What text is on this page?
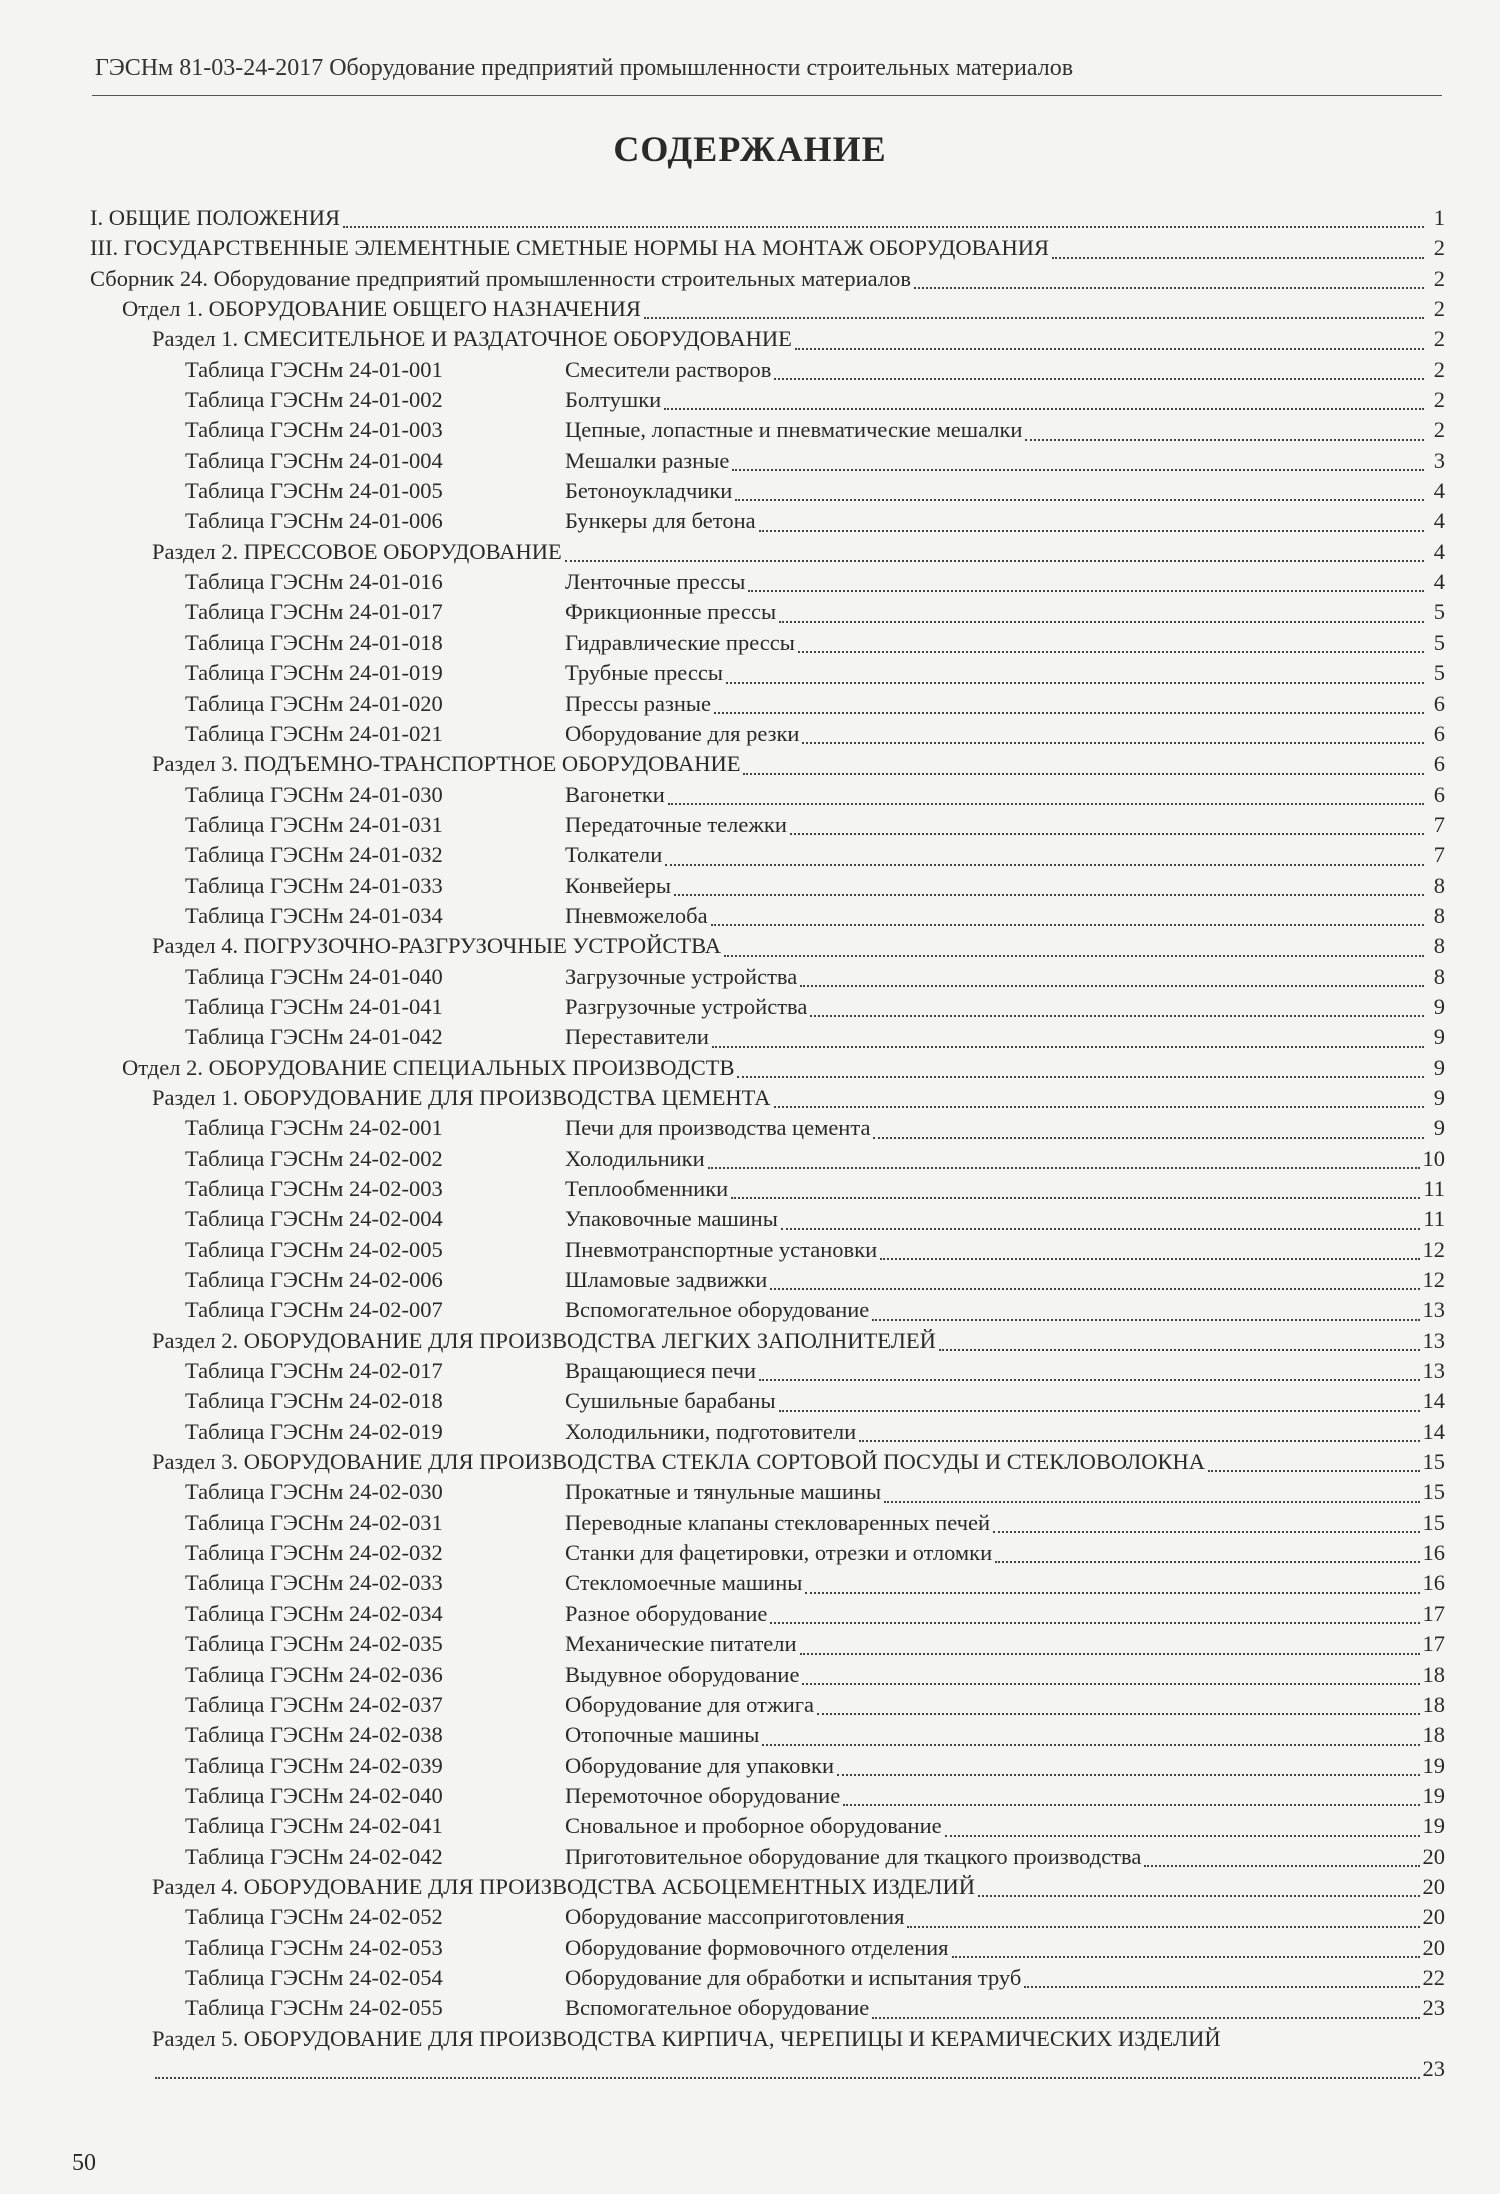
ГЭСНм 81-03-24-2017 Оборудование предприятий промышленности строительных материалов
СОДЕРЖАНИЕ
I. ОБЩИЕ ПОЛОЖЕНИЯ	1
III. ГОСУДАРСТВЕННЫЕ ЭЛЕМЕНТНЫЕ СМЕТНЫЕ НОРМЫ НА МОНТАЖ ОБОРУДОВАНИЯ	2
Сборник 24. Оборудование предприятий промышленности строительных материалов	2
Отдел 1. ОБОРУДОВАНИЕ ОБЩЕГО НАЗНАЧЕНИЯ	2
Раздел 1. СМЕСИТЕЛЬНОЕ И РАЗДАТОЧНОЕ ОБОРУДОВАНИЕ	2
Таблица ГЭСНм 24-01-001	Смесители растворов	2
Таблица ГЭСНм 24-01-002	Болтушки	2
Таблица ГЭСНм 24-01-003	Цепные, лопастные и пневматические мешалки	2
Таблица ГЭСНм 24-01-004	Мешалки разные	3
Таблица ГЭСНм 24-01-005	Бетоноукладчики	4
Таблица ГЭСНм 24-01-006	Бункеры для бетона	4
Раздел 2. ПРЕССОВОЕ ОБОРУДОВАНИЕ	4
Таблица ГЭСНм 24-01-016	Ленточные прессы	4
Таблица ГЭСНм 24-01-017	Фрикционные прессы	5
Таблица ГЭСНм 24-01-018	Гидравлические прессы	5
Таблица ГЭСНм 24-01-019	Трубные прессы	5
Таблица ГЭСНм 24-01-020	Прессы разные	6
Таблица ГЭСНм 24-01-021	Оборудование для резки	6
Раздел 3. ПОДЪЕМНО-ТРАНСПОРТНОЕ ОБОРУДОВАНИЕ	6
Таблица ГЭСНм 24-01-030	Вагонетки	6
Таблица ГЭСНм 24-01-031	Передаточные тележки	7
Таблица ГЭСНм 24-01-032	Толкатели	7
Таблица ГЭСНм 24-01-033	Конвейеры	8
Таблица ГЭСНм 24-01-034	Пневможелоба	8
Раздел 4. ПОГРУЗОЧНО-РАЗГРУЗОЧНЫЕ УСТРОЙСТВА	8
Таблица ГЭСНм 24-01-040	Загрузочные устройства	8
Таблица ГЭСНм 24-01-041	Разгрузочные устройства	9
Таблица ГЭСНм 24-01-042	Переставители	9
Отдел 2. ОБОРУДОВАНИЕ СПЕЦИАЛЬНЫХ ПРОИЗВОДСТВ	9
Раздел 1. ОБОРУДОВАНИЕ ДЛЯ ПРОИЗВОДСТВА ЦЕМЕНТА	9
Таблица ГЭСНм 24-02-001	Печи для производства цемента	9
Таблица ГЭСНм 24-02-002	Холодильники	10
Таблица ГЭСНм 24-02-003	Теплообменники	11
Таблица ГЭСНм 24-02-004	Упаковочные машины	11
Таблица ГЭСНм 24-02-005	Пневмотранспортные установки	12
Таблица ГЭСНм 24-02-006	Шламовые задвижки	12
Таблица ГЭСНм 24-02-007	Вспомогательное оборудование	13
Раздел 2. ОБОРУДОВАНИЕ ДЛЯ ПРОИЗВОДСТВА ЛЕГКИХ ЗАПОЛНИТЕЛЕЙ	13
Таблица ГЭСНм 24-02-017	Вращающиеся печи	13
Таблица ГЭСНм 24-02-018	Сушильные барабаны	14
Таблица ГЭСНм 24-02-019	Холодильники, подготовители	14
Раздел 3. ОБОРУДОВАНИЕ ДЛЯ ПРОИЗВОДСТВА СТЕКЛА СОРТОВОЙ ПОСУДЫ И СТЕКЛОВОЛОКНА	15
Таблица ГЭСНм 24-02-030	Прокатные и тянульные машины	15
Таблица ГЭСНм 24-02-031	Переводные клапаны стекловаренных печей	15
Таблица ГЭСНм 24-02-032	Станки для фацетировки, отрезки и отломки	16
Таблица ГЭСНм 24-02-033	Стекломоечные машины	16
Таблица ГЭСНм 24-02-034	Разное оборудование	17
Таблица ГЭСНм 24-02-035	Механические питатели	17
Таблица ГЭСНм 24-02-036	Выдувное оборудование	18
Таблица ГЭСНм 24-02-037	Оборудование для отжига	18
Таблица ГЭСНм 24-02-038	Отопочные машины	18
Таблица ГЭСНм 24-02-039	Оборудование для упаковки	19
Таблица ГЭСНм 24-02-040	Перемоточное оборудование	19
Таблица ГЭСНм 24-02-041	Сновальное и проборное оборудование	19
Таблица ГЭСНм 24-02-042	Приготовительное оборудование для ткацкого производства	20
Раздел 4. ОБОРУДОВАНИЕ ДЛЯ ПРОИЗВОДСТВА АСБОЦЕМЕНТНЫХ ИЗДЕЛИЙ	20
Таблица ГЭСНм 24-02-052	Оборудование массоприготовления	20
Таблица ГЭСНм 24-02-053	Оборудование формовочного отделения	20
Таблица ГЭСНм 24-02-054	Оборудование для обработки и испытания труб	22
Таблица ГЭСНм 24-02-055	Вспомогательное оборудование	23
Раздел 5. ОБОРУДОВАНИЕ ДЛЯ ПРОИЗВОДСТВА КИРПИЧА, ЧЕРЕПИЦЫ И КЕРАМИЧЕСКИХ ИЗДЕЛИЙ
23
50
